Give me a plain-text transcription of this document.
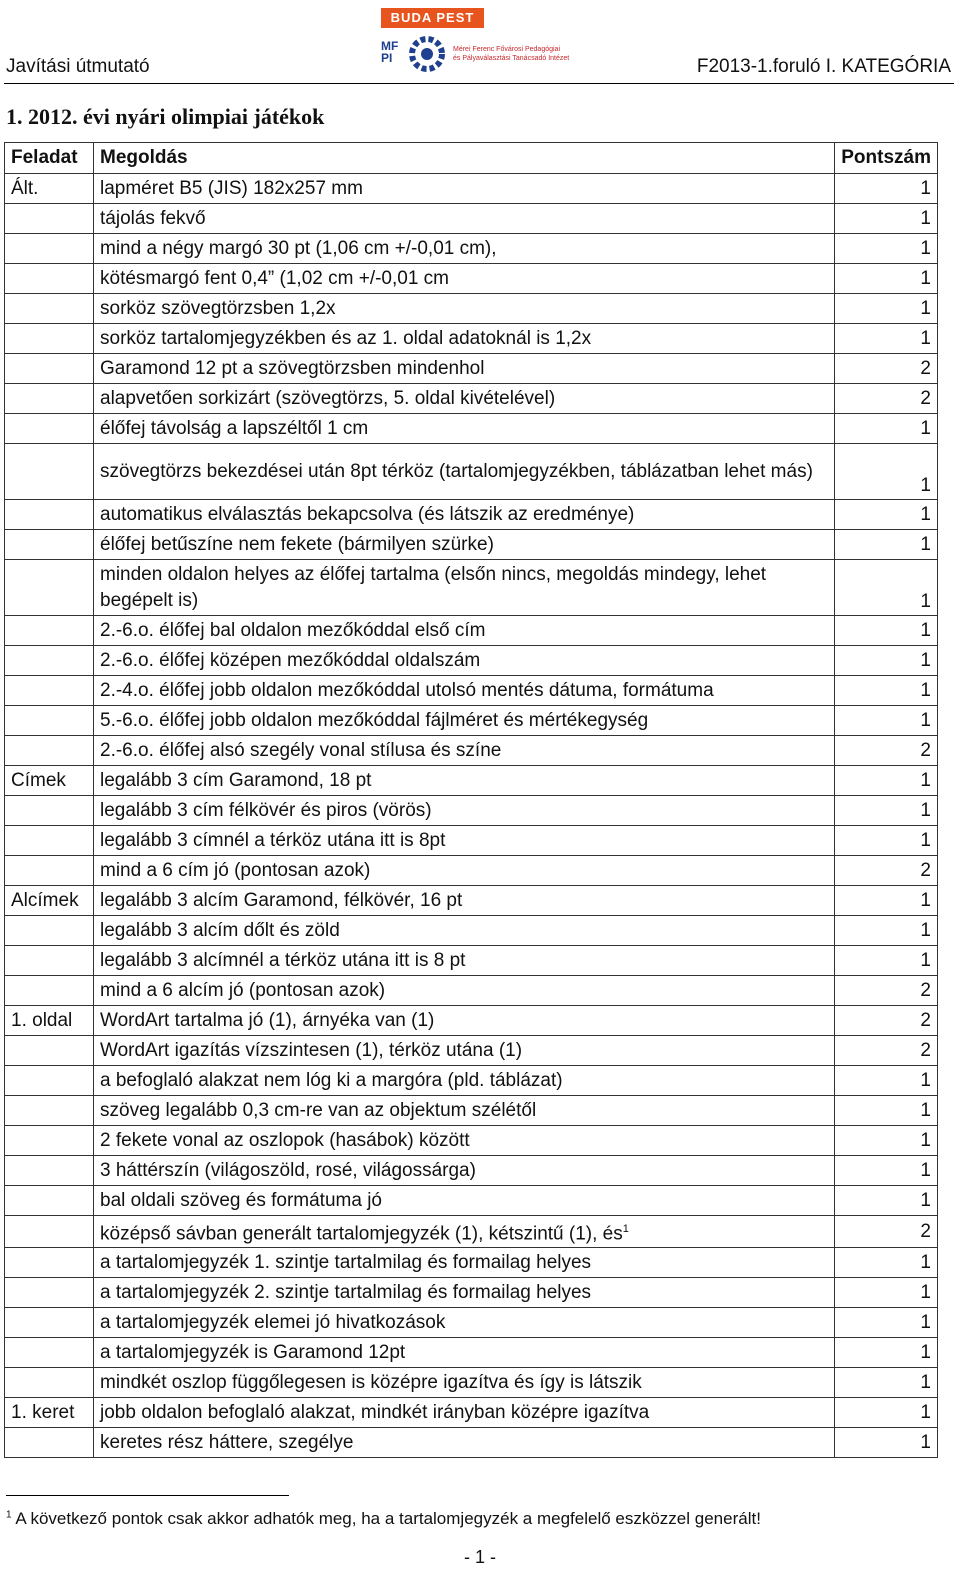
Javítási útmutató
BUDA PEST
MF PI
Mérei Ferenc Fővárosi Pedagógiai
és Pályaválasztási Tanácsadó Intézet	F2013-1.foruló I. KATEGÓRIA
1. 2012. évi nyári olimpiai játékok
Feladat	Megoldás	Pontszám
Ált.	lapméret B5 (JIS) 182x257 mm	1
	tájolás fekvő	1
	mind a négy margó 30 pt (1,06 cm +/-0,01 cm),	1
	kötésmargó fent 0,4” (1,02 cm +/-0,01 cm	1
	sorköz szövegtörzsben 1,2x	1
	sorköz tartalomjegyzékben és az 1. oldal adatoknál is 1,2x	1
	Garamond 12 pt a szövegtörzsben mindenhol	2
	alapvetően sorkizárt (szövegtörzs, 5. oldal kivételével)	2
	élőfej távolság a lapszéltől 1 cm	1
	szövegtörzs bekezdései után 8pt térköz (tartalomjegyzékben, táblázatban lehet más)	1
	automatikus elválasztás bekapcsolva (és látszik az eredménye)	1
	élőfej betűszíne nem fekete (bármilyen szürke)	1
	minden oldalon helyes az élőfej tartalma (elsőn nincs, megoldás mindegy, lehet begépelt is)	1
	2.-6.o. élőfej bal oldalon mezőkóddal első cím	1
	2.-6.o. élőfej középen mezőkóddal oldalszám	1
	2.-4.o. élőfej jobb oldalon mezőkóddal utolsó mentés dátuma, formátuma	1
	5.-6.o. élőfej jobb oldalon mezőkóddal fájlméret és mértékegység	1
	2.-6.o. élőfej alsó szegély vonal stílusa és színe	2
Címek	legalább 3 cím Garamond, 18 pt	1
	legalább 3 cím félkövér és piros (vörös)	1
	legalább 3 címnél a térköz utána itt is 8pt	1
	mind a 6 cím jó (pontosan azok)	2
Alcímek	legalább 3 alcím Garamond, félkövér, 16 pt	1
	legalább 3 alcím dőlt és zöld	1
	legalább 3 alcímnél a térköz utána itt is 8 pt	1
	mind a 6 alcím jó (pontosan azok)	2
1. oldal	WordArt tartalma jó (1), árnyéka van (1)	2
	WordArt igazítás vízszintesen (1), térköz utána (1)	2
	a befoglaló alakzat nem lóg ki a margóra (pld. táblázat)	1
	szöveg legalább 0,3 cm-re van az objektum szélétől	1
	2 fekete vonal az oszlopok (hasábok) között	1
	3 háttérszín (világoszöld, rosé, világossárga)	1
	bal oldali szöveg és formátuma jó	1
	középső sávban generált tartalomjegyzék (1), kétszintű (1), $és^1$	2
	a tartalomjegyzék 1. szintje tartalmilag és formailag helyes	1
	a tartalomjegyzék 2. szintje tartalmilag és formailag helyes	1
	a tartalomjegyzék elemei jó hivatkozások	1
	a tartalomjegyzék is Garamond 12pt	1
	mindkét oszlop függőlegesen is középre igazítva és így is látszik	1
1. keret	jobb oldalon befoglaló alakzat, mindkét irányban középre igazítva	1
	keretes rész háttere, szegélye	1
$^1$ A következő pontok csak akkor adhatók meg, ha a tartalomjegyzék a megfelelő eszközzel generált!
- 1 -
